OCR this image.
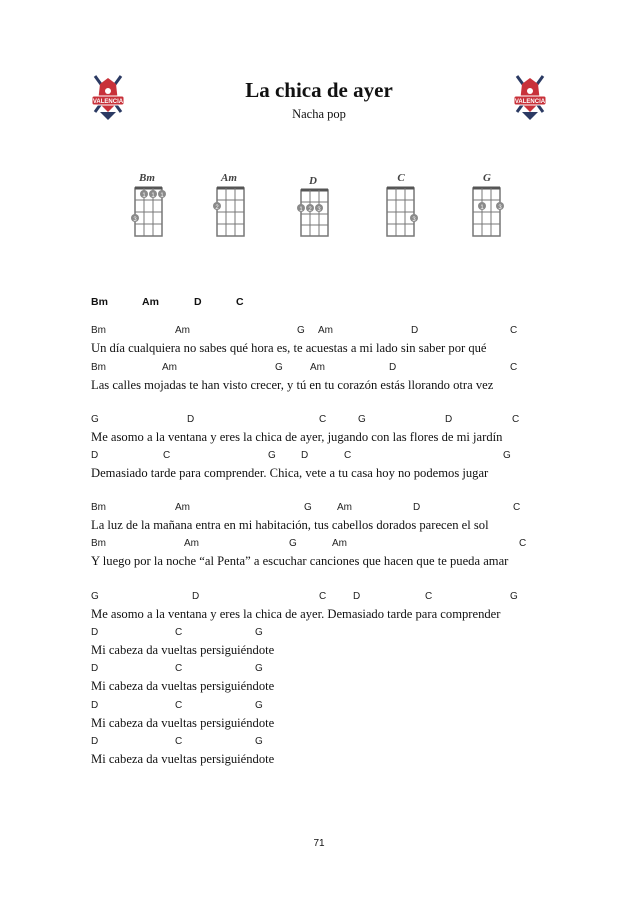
VALENCIA	VALENCIA
La chica de ayer
Nacha pop
Bm
1 1 1
3
Am
2
D
1 2 3
C
3
G
1 3
Bm	Am	D	C
Bm	Am	G Am	D	C
Un día cualquiera no sabes qué hora es, te acuestas a mi lado sin saber por qué
Bm	Am	G	Am	D	C
Las calles mojadas te han visto crecer, y tú en tu corazón estás llorando otra vez
G	D	C	G	D	C
Me asomo a la ventana y eres la chica de ayer, jugando con las flores de mi jardín
D	C	G	D	C	G
Demasiado tarde para comprender. Chica, vete a tu casa hoy no podemos jugar
Bm	Am	G	Am	D	C
La luz de la mañana entra en mi habitación, tus cabellos dorados parecen el sol
Bm	Am	G	Am	C
Y luego por la noche “al Penta” a escuchar canciones que hacen que te pueda amar
G	D	C	D	C	G
Me asomo a la ventana y eres la chica de ayer. Demasiado tarde para comprender
D	C	G
Mi cabeza da vueltas persiguiéndote
D	C	G
Mi cabeza da vueltas persiguiéndote
D	C	G
Mi cabeza da vueltas persiguiéndote
D	C	G
Mi cabeza da vueltas persiguiéndote
71
